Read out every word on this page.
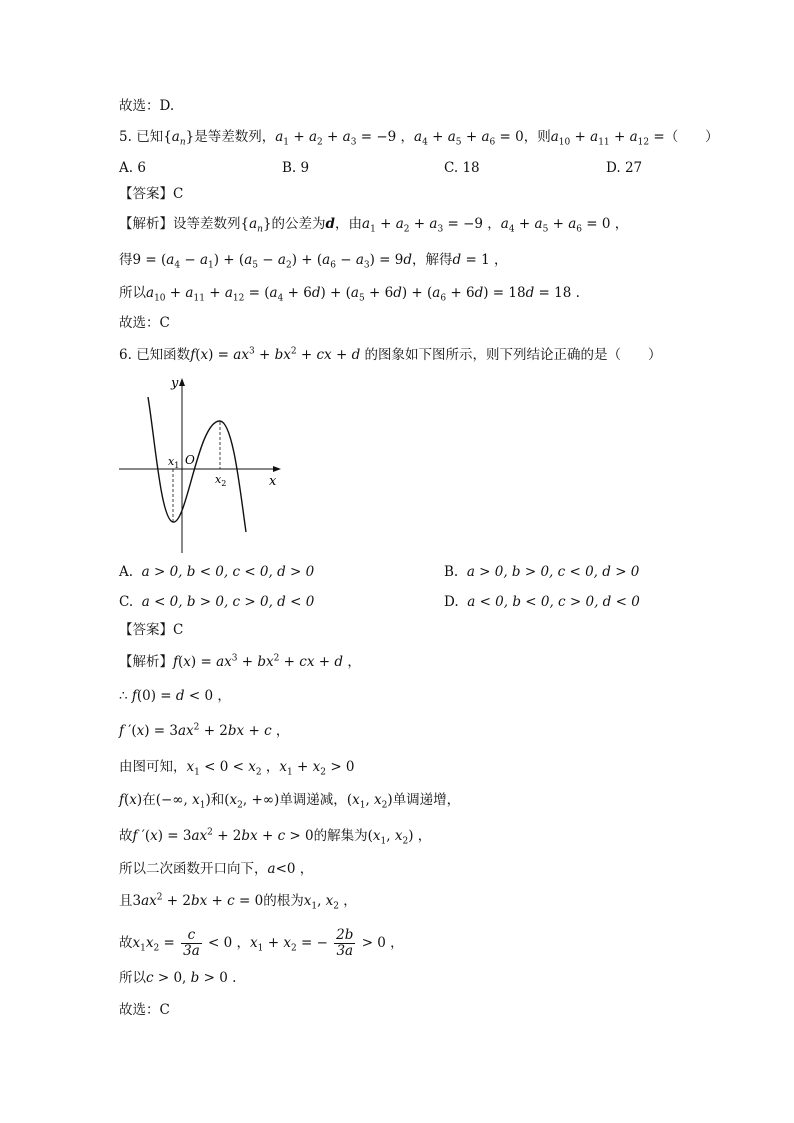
故选：D.
5. 已知$\{a_n\}$是等差数列，$a_1 + a_2 + a_3 = -9$ ，$a_4 + a_5 + a_6 = 0$，则$a_{10} + a_{11} + a_{12}$ =（　　）
A. 6	B. 9	C. 18	D. 27
【答案】C
【解析】设等差数列$\{a_n\}$的公差为d，由$a_1 + a_2 + a_3 = -9$ ，$a_4 + a_5 + a_6 = 0$ ，
得$9 = (a_4 - a_1) + (a_5 - a_2) + (a_6 - a_3) = 9d$，解得d = 1 ，
所以$a_{10} + a_{11} + a_{12} = (a_4 + 6d) + (a_5 + 6d) + (a_6 + 6d) = 18d = 18$ .
故选：C
6. 已知函数$f(x) = ax^3 + bx^2$ + cx + d 的图象如下图所示，则下列结论正确的是（　　）
y
x
O
$x_1$
$x_2$
A. a > 0, b < 0, c < 0, d > 0	B. a > 0, b > 0, c < 0, d > 0
C. a < 0, b > 0, c > 0, d < 0	D. a < 0, b < 0, c > 0, d < 0
【答案】C
【解析】$f(x) = ax^3 + bx^2$ + cx + d ，
∴ f(0) = d < 0 ，
f $'(x) = 3ax^2 + 2bx + c$ ，
由图可知，$x_1 < 0 < x_2$ ，$x_1 + x_2 > 0$
f(x)在(−∞, $x_1$)和($x_2$, +∞)单调递减，($x_1$, $x_2$)单调递增，
故f $'(x) = 3ax^2 + 2bx + c > 0$的解集为($x_1$, $x_2$) ，
所以二次函数开口向下，a<0 ，
且$3ax^2 + 2bx + c = 0$的根为$x_1$, $x_2$ ，
故$x_1x_2 = \frac{c}{3a} < 0$ ，$x_1 + x_2$ = − $\frac{2b}{3a} > 0$ ，
所以c > 0, b > 0 .
故选：C
